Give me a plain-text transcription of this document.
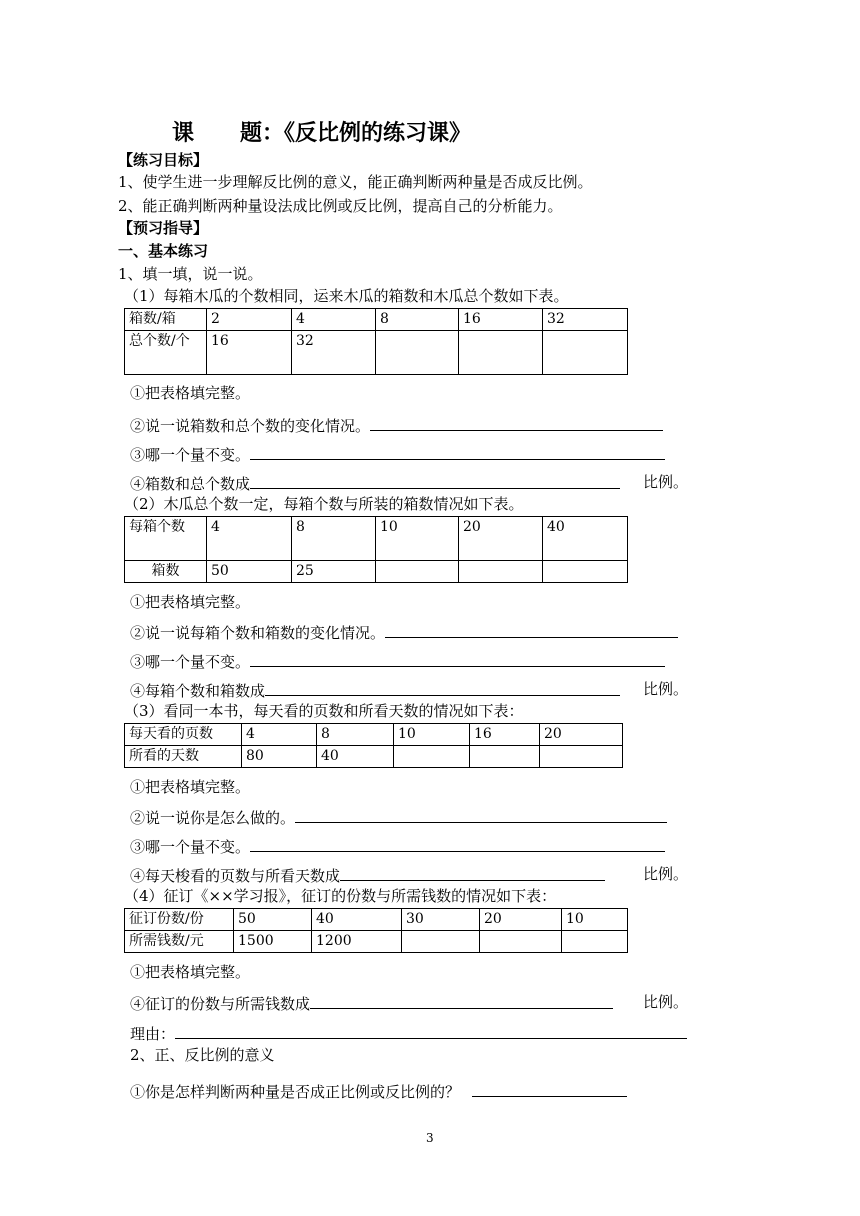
课 题：《反比例的练习课》
【练习目标】
1、使学生进一步理解反比例的意义，能正确判断两种量是否成反比例。
2、能正确判断两种量设法成比例或反比例，提高自己的分析能力。
【预习指导】
一、基本练习
1、填一填，说一说。
（1）每箱木瓜的个数相同，运来木瓜的箱数和木瓜总个数如下表。
箱数/箱	2	4	8	16	32
总个数/个	16	32			
①把表格填完整。
②说一说箱数和总个数的变化情况。
③哪一个量不变。
④箱数和总个数成	比例。
（2）木瓜总个数一定，每箱个数与所装的箱数情况如下表。
每箱个数	4	8	10	20	40
箱数	50	25			
①把表格填完整。
②说一说每箱个数和箱数的变化情况。
③哪一个量不变。
④每箱个数和箱数成	比例。
（3）看同一本书，每天看的页数和所看天数的情况如下表：
每天看的页数	4	8	10	16	20
所看的天数	80	40			
①把表格填完整。
②说一说你是怎么做的。
③哪一个量不变。
④每天梭看的页数与所看天数成	比例。
（4）征订《××学习报》，征订的份数与所需钱数的情况如下表：
征订份数/份	50	40	30	20	10
所需钱数/元	1500	1200			
①把表格填完整。
④征订的份数与所需钱数成	比例。
理由：
2、正、反比例的意义
①你是怎样判断两种量是否成正比例或反比例的？
3
